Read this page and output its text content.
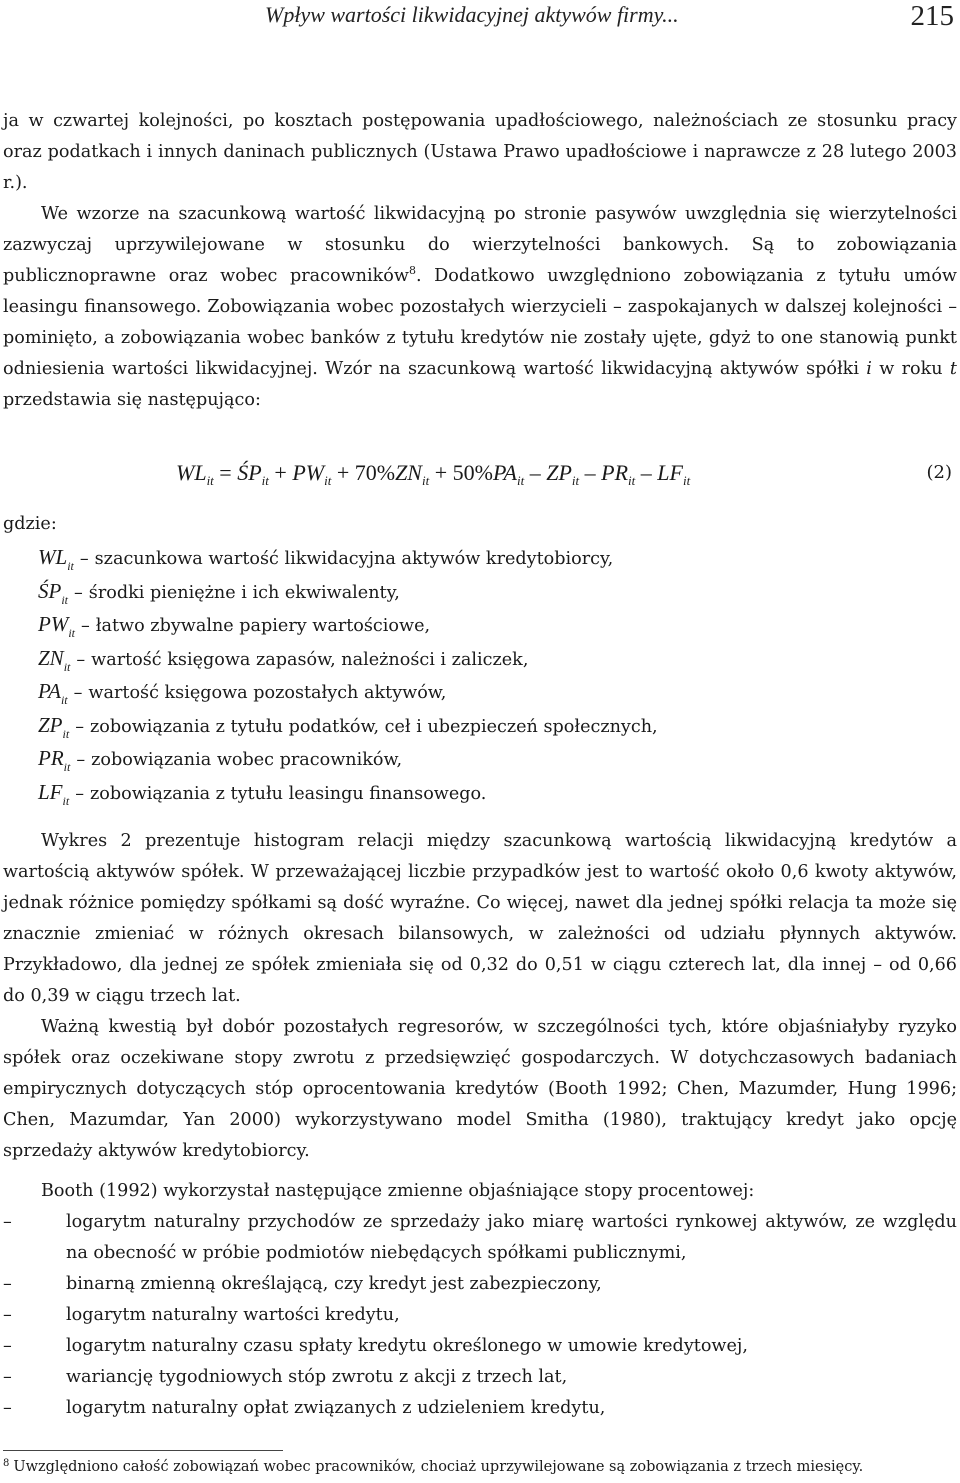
Wpływ wartości likwidacyjnej aktywów firmy...	215

ja w czwartej kolejności, po kosztach postępowania upadłościowego, należnościach ze stosunku pracy oraz podatkach i innych daninach publicznych (Ustawa Prawo upadłościowe i naprawcze z 28 lutego 2003 r.).

We wzorze na szacunkową wartość likwidacyjną po stronie pasywów uwzględnia się wierzytelności zazwyczaj uprzywilejowane w stosunku do wierzytelności bankowych. Są to zobowiązania publicznoprawne oraz wobec pracowników$^8$. Dodatkowo uwzględniono zobowiązania z tytułu umów leasingu finansowego. Zobowiązania wobec pozostałych wierzycieli – zaspokajanych w dalszej kolejności – pominięto, a zobowiązania wobec banków z tytułu kredytów nie zostały ujęte, gdyż to one stanowią punkt odniesienia wartości likwidacyjnej. Wzór na szacunkową wartość likwidacyjną aktywów spółki i w roku t przedstawia się następująco:

$WL_{it}$ = $ŚP_{it} + PW_{it} + 70\%ZN_{it} + 50\%PA_{it} - ZP_{it} - PR_{it} - LF_{it}$	(2)
gdzie:
$WL_{it}$ – szacunkowa wartość likwidacyjna aktywów kredytobiorcy,
$ŚP_{it}$ – środki pieniężne i ich ekwiwalenty,
$PW_{it}$ – łatwo zbywalne papiery wartościowe,
$ZN_{it}$ – wartość księgowa zapasów, należności i zaliczek,
$PA_{it}$ – wartość księgowa pozostałych aktywów,
$ZP_{it}$ – zobowiązania z tytułu podatków, ceł i ubezpieczeń społecznych,
$PR_{it}$ – zobowiązania wobec pracowników,
$LF_{it}$ – zobowiązania z tytułu leasingu finansowego.

Wykres 2 prezentuje histogram relacji między szacunkową wartością likwidacyjną kredytów a wartością aktywów spółek. W przeważającej liczbie przypadków jest to wartość około 0,6 kwoty aktywów, jednak różnice pomiędzy spółkami są dość wyraźne. Co więcej, nawet dla jednej spółki relacja ta może się znacznie zmieniać w różnych okresach bilansowych, w zależności od udziału płynnych aktywów. Przykładowo, dla jednej ze spółek zmieniała się od 0,32 do 0,51 w ciągu czterech lat, dla innej – od 0,66 do 0,39 w ciągu trzech lat.

Ważną kwestią był dobór pozostałych regresorów, w szczególności tych, które objaśniałyby ryzyko spółek oraz oczekiwane stopy zwrotu z przedsięwzięć gospodarczych. W dotychczasowych badaniach empirycznych dotyczących stóp oprocentowania kredytów (Booth 1992; Chen, Mazumder, Hung 1996; Chen, Mazumdar, Yan 2000) wykorzystywano model Smitha (1980), traktujący kredyt jako opcję sprzedaży aktywów kredytobiorcy.

Booth (1992) wykorzystał następujące zmienne objaśniające stopy procentowej:

–	logarytm naturalny przychodów ze sprzedaży jako miarę wartości rynkowej aktywów, ze względu na obecność w próbie podmiotów niebędących spółkami publicznymi,
–	binarną zmienną określającą, czy kredyt jest zabezpieczony,
–	logarytm naturalny wartości kredytu,
–	logarytm naturalny czasu spłaty kredytu określonego w umowie kredytowej,
–	wariancję tygodniowych stóp zwrotu z akcji z trzech lat,
–	logarytm naturalny opłat związanych z udzieleniem kredytu,
$^8$ Uwzględniono całość zobowiązań wobec pracowników, chociaż uprzywilejowane są zobowiązania z trzech miesięcy.
